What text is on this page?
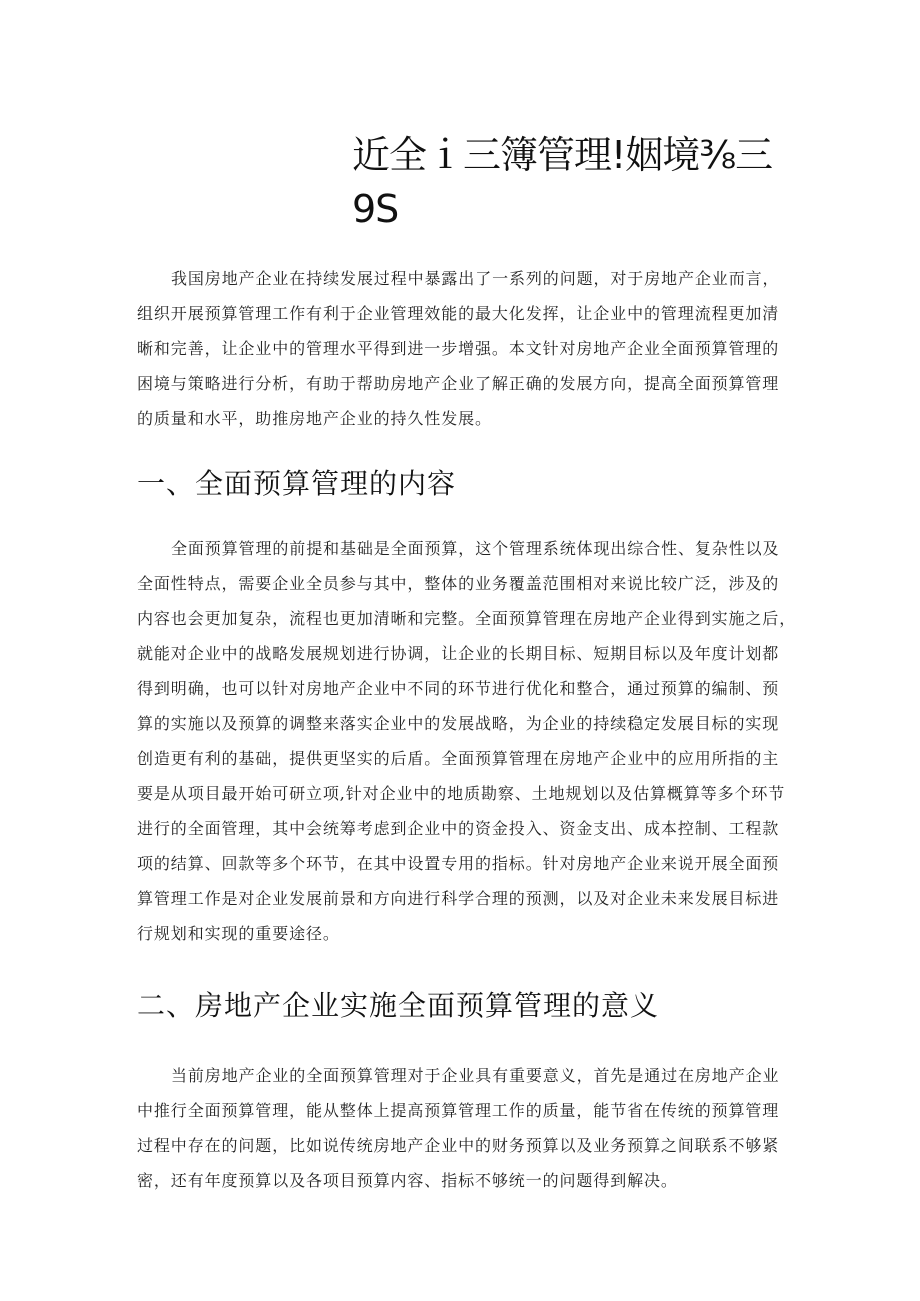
近全ｉ三簿管理!姻境⅜三
9S

我国房地产企业在持续发展过程中暴露出了一系列的问题，对于房地产企业而言，
组织开展预算管理工作有利于企业管理效能的最大化发挥，让企业中的管理流程更加清
晰和完善，让企业中的管理水平得到进一步增强。本文针对房地产企业全面预算管理的
困境与策略进行分析，有助于帮助房地产企业了解正确的发展方向，提高全面预算管理
的质量和水平，助推房地产企业的持久性发展。

一、全面预算管理的内容

全面预算管理的前提和基础是全面预算，这个管理系统体现出综合性、复杂性以及
全面性特点，需要企业全员参与其中，整体的业务覆盖范围相对来说比较广泛，涉及的
内容也会更加复杂，流程也更加清晰和完整。全面预算管理在房地产企业得到实施之后，
就能对企业中的战略发展规划进行协调，让企业的长期目标、短期目标以及年度计划都
得到明确，也可以针对房地产企业中不同的环节进行优化和整合，通过预算的编制、预
算的实施以及预算的调整来落实企业中的发展战略，为企业的持续稳定发展目标的实现
创造更有利的基础，提供更坚实的后盾。全面预算管理在房地产企业中的应用所指的主
要是从项目最开始可研立项,针对企业中的地质勘察、土地规划以及估算概算等多个环节
进行的全面管理，其中会统筹考虑到企业中的资金投入、资金支出、成本控制、工程款
项的结算、回款等多个环节，在其中设置专用的指标。针对房地产企业来说开展全面预
算管理工作是对企业发展前景和方向进行科学合理的预测，以及对企业未来发展目标进
行规划和实现的重要途径。

二、房地产企业实施全面预算管理的意义

当前房地产企业的全面预算管理对于企业具有重要意义，首先是通过在房地产企业
中推行全面预算管理，能从整体上提高预算管理工作的质量，能节省在传统的预算管理
过程中存在的问题，比如说传统房地产企业中的财务预算以及业务预算之间联系不够紧
密，还有年度预算以及各项目预算内容、指标不够统一的问题得到解决。
